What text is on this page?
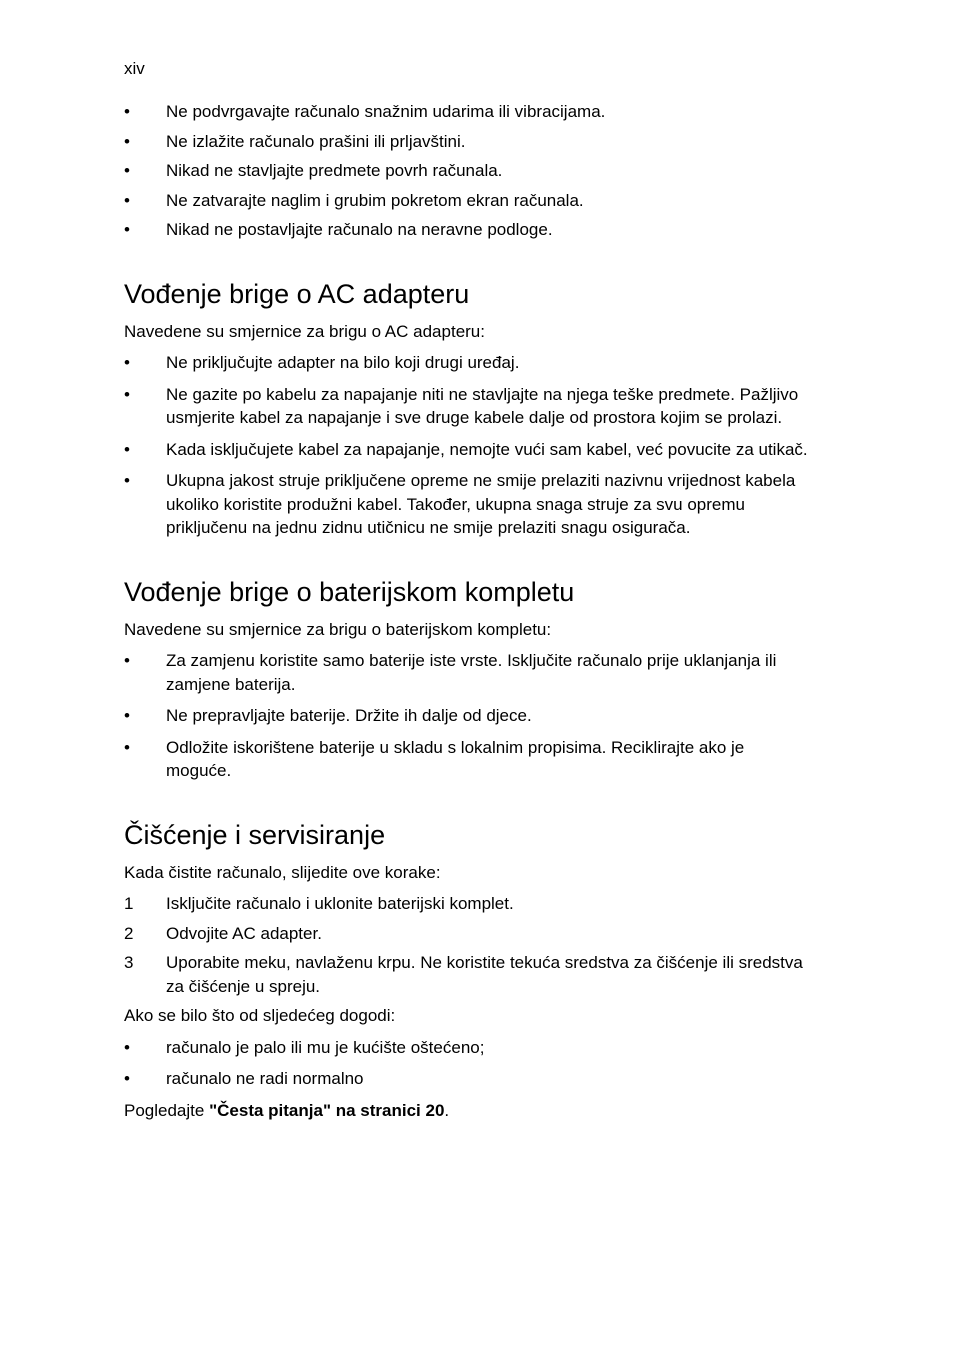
xiv
•	Ne podvrgavajte računalo snažnim udarima ili vibracijama.
•	Ne izlažite računalo prašini ili prljavštini.
•	Nikad ne stavljajte predmete povrh računala.
•	Ne zatvarajte naglim i grubim pokretom ekran računala.
•	Nikad ne postavljajte računalo na neravne podloge.
Vođenje brige o AC adapteru

Navedene su smjernice za brigu o AC adapteru:

•	Ne priključujte adapter na bilo koji drugi uređaj.
•	Ne gazite po kabelu za napajanje niti ne stavljajte na njega teške predmete. Pažljivo usmjerite kabel za napajanje i sve druge kabele dalje od prostora kojim se prolazi.
•	Kada isključujete kabel za napajanje, nemojte vući sam kabel, već povucite za utikač.
•	Ukupna jakost struje priključene opreme ne smije prelaziti nazivnu vrijednost kabela ukoliko koristite produžni kabel. Također, ukupna snaga struje za svu opremu priključenu na jednu zidnu utičnicu ne smije prelaziti snagu osigurača.
Vođenje brige o baterijskom kompletu

Navedene su smjernice za brigu o baterijskom kompletu:

•	Za zamjenu koristite samo baterije iste vrste. Isključite računalo prije uklanjanja ili zamjene baterija.
•	Ne prepravljajte baterije. Držite ih dalje od djece.
•	Odložite iskorištene baterije u skladu s lokalnim propisima. Reciklirajte ako je moguće.
Čišćenje i servisiranje

Kada čistite računalo, slijedite ove korake:

1	Isključite računalo i uklonite baterijski komplet.
2	Odvojite AC adapter.
3	Uporabite meku, navlaženu krpu. Ne koristite tekuća sredstva za čišćenje ili sredstva za čišćenje u spreju.

Ako se bilo što od sljedećeg dogodi:

•	računalo je palo ili mu je kućište oštećeno;
•	računalo ne radi normalno

Pogledajte "Česta pitanja" na stranici 20.
